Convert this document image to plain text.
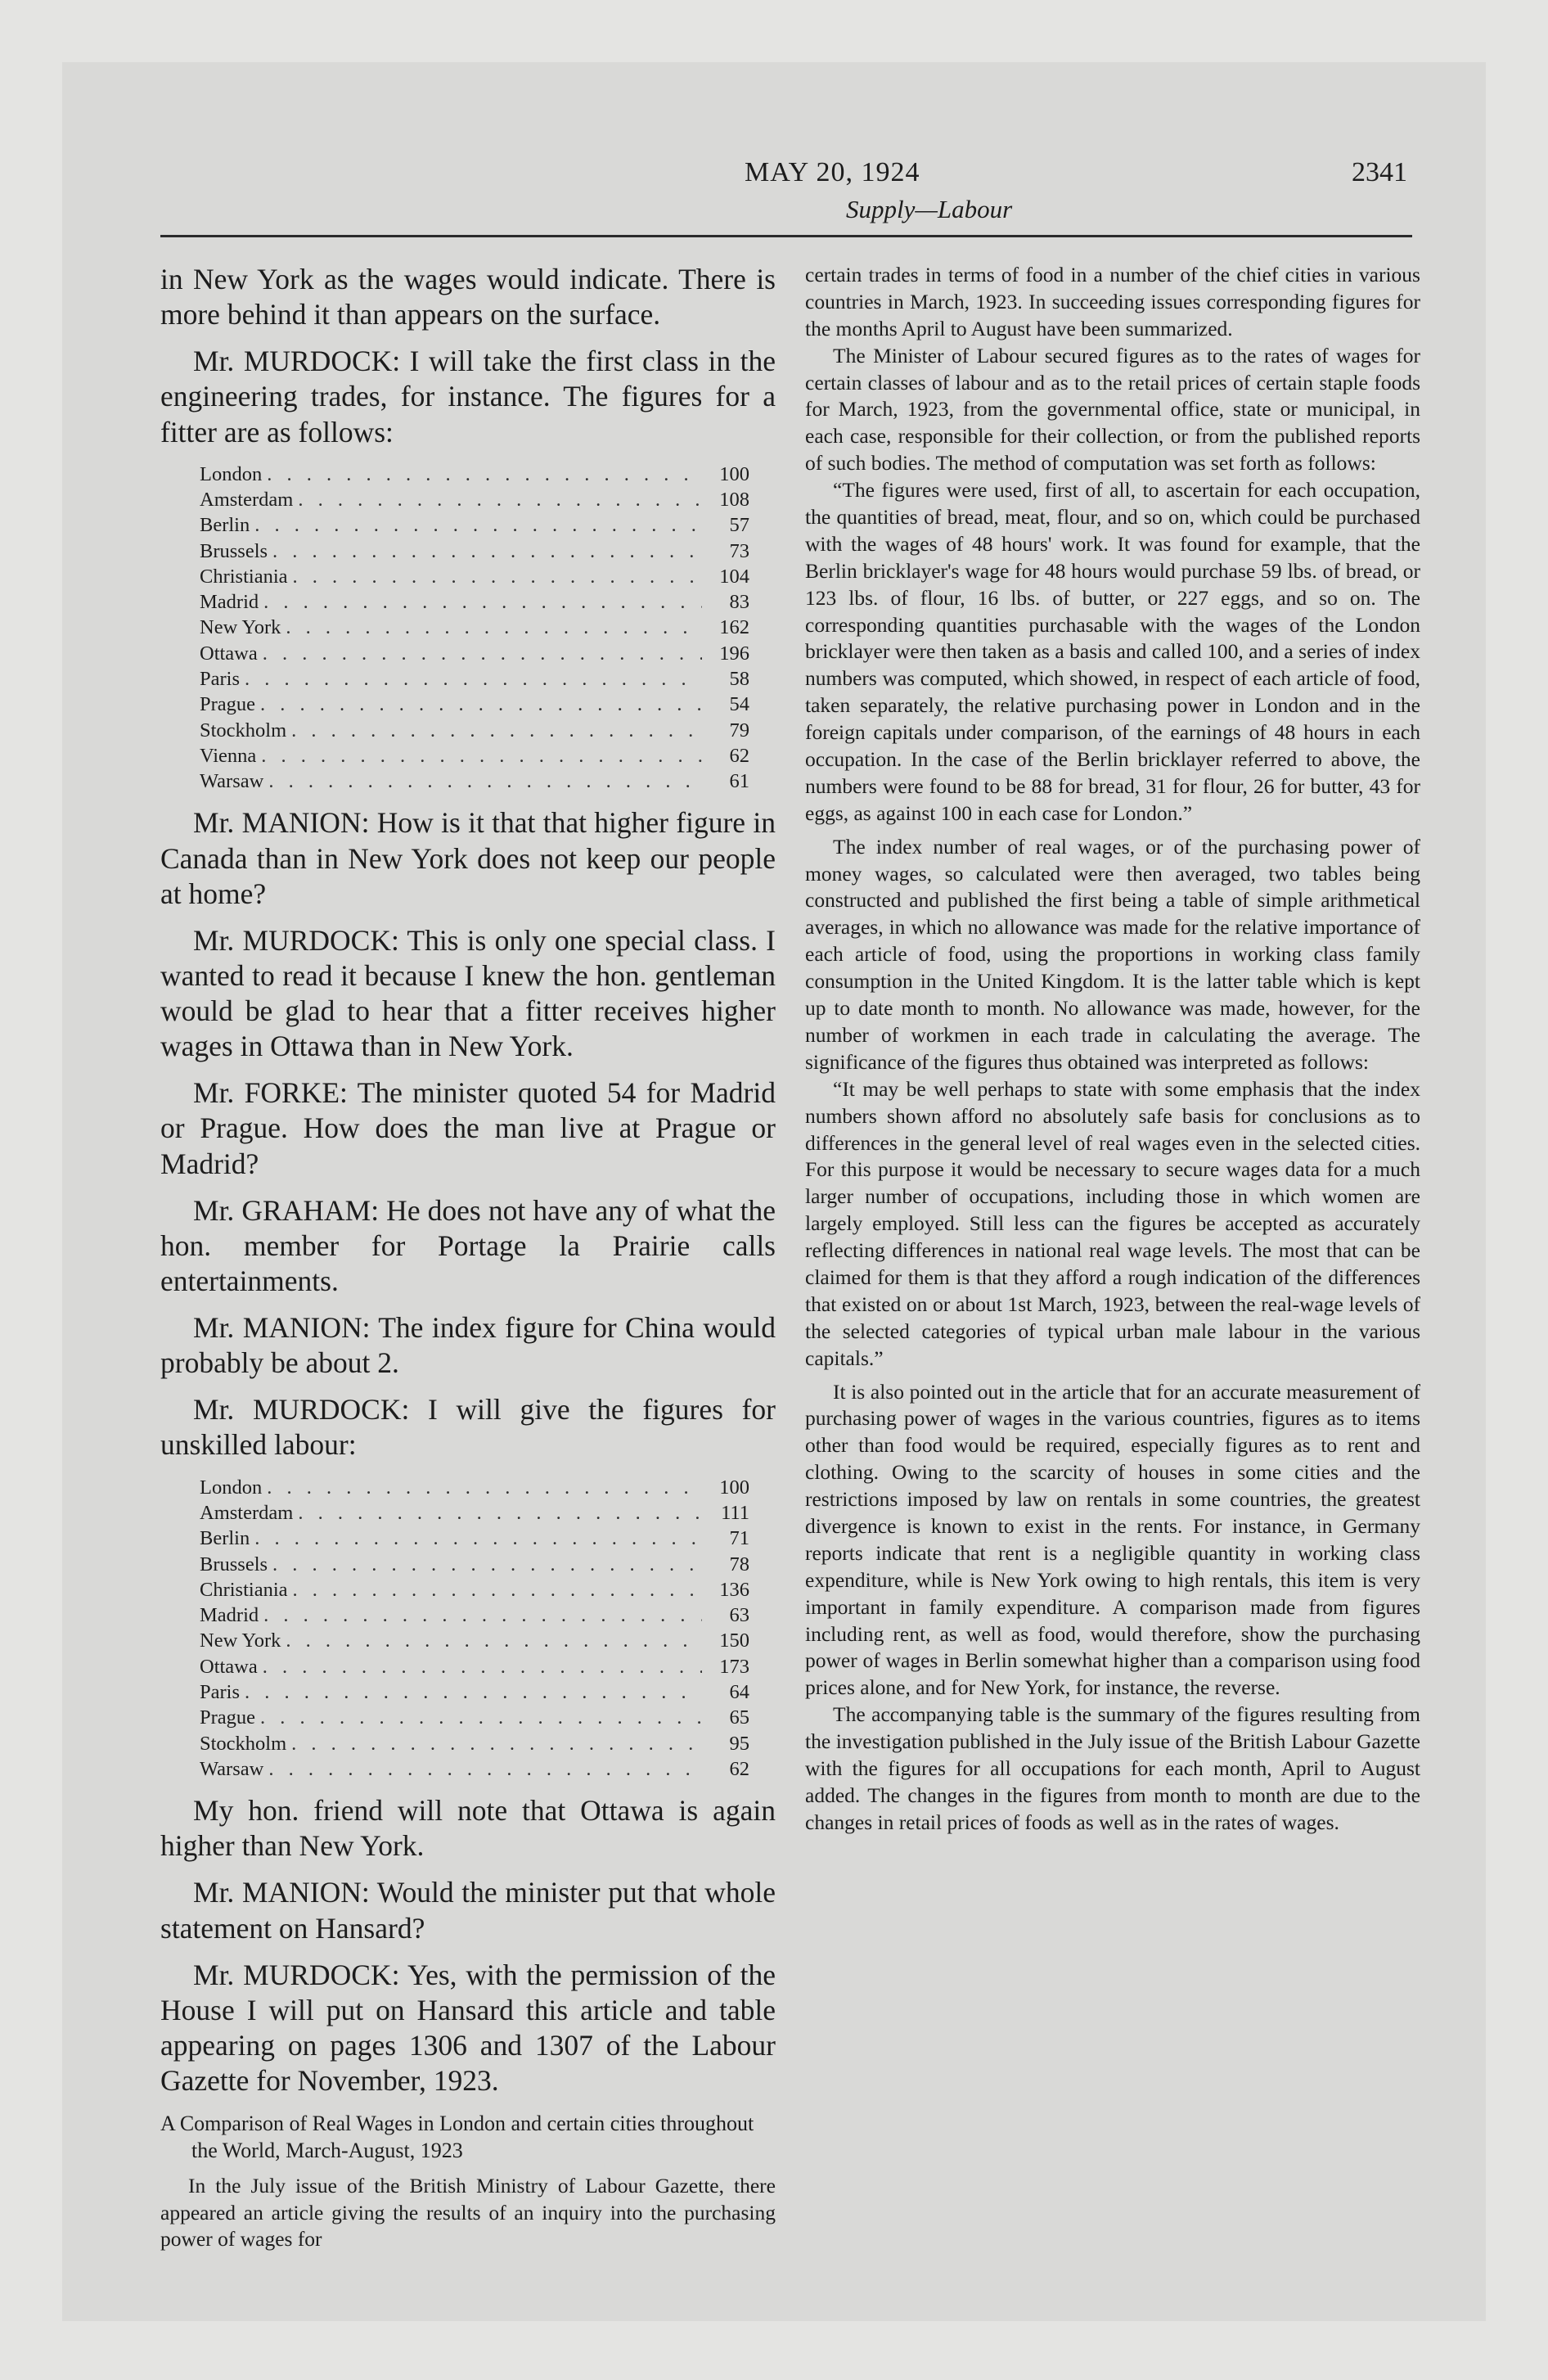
MAY 20, 1924
Supply—Labour
2341

in New York as the wages would indicate. There is more behind it than appears on the surface.

Mr. MURDOCK: I will take the first class in the engineering trades, for instance. The figures for a fitter are as follows:

London . . .	100
Amsterdam . . .	108
Berlin . . .	57
Brussels . . .	73
Christiania . . .	104
Madrid . . .	83
New York . . .	162
Ottawa . . .	196
Paris . . .	58
Prague . . .	54
Stockholm . . .	79
Vienna . . .	62
Warsaw . . .	61

Mr. MANION: How is it that that higher figure in Canada than in New York does not keep our people at home?

Mr. MURDOCK: This is only one special class. I wanted to read it because I knew the hon. gentleman would be glad to hear that a fitter receives higher wages in Ottawa than in New York.

Mr. FORKE: The minister quoted 54 for Madrid or Prague. How does the man live at Prague or Madrid?

Mr. GRAHAM: He does not have any of what the hon. member for Portage la Prairie calls entertainments.

Mr. MANION: The index figure for China would probably be about 2.

Mr. MURDOCK: I will give the figures for unskilled labour:

London . . .	100
Amsterdam . . .	111
Berlin . . .	71
Brussels . . .	78
Christiania . . .	136
Madrid . . .	63
New York . . .	150
Ottawa . . .	173
Paris . . .	64
Prague . . .	65
Stockholm . . .	95
Warsaw . . .	62

My hon. friend will note that Ottawa is again higher than New York.

Mr. MANION: Would the minister put that whole statement on Hansard?

Mr. MURDOCK: Yes, with the permission of the House I will put on Hansard this article and table appearing on pages 1306 and 1307 of the Labour Gazette for November, 1923.

A Comparison of Real Wages in London and certain cities throughout the World, March-August, 1923

In the July issue of the British Ministry of Labour Gazette, there appeared an article giving the results of an inquiry into the purchasing power of wages for

certain trades in terms of food in a number of the chief cities in various countries in March, 1923. In succeeding issues corresponding figures for the months April to August have been summarized.

The Minister of Labour secured figures as to the rates of wages for certain classes of labour and as to the retail prices of certain staple foods for March, 1923, from the governmental office, state or municipal, in each case, responsible for their collection, or from the published reports of such bodies. The method of computation was set forth as follows:

“The figures were used, first of all, to ascertain for each occupation, the quantities of bread, meat, flour, and so on, which could be purchased with the wages of 48 hours' work. It was found for example, that the Berlin bricklayer's wage for 48 hours would purchase 59 lbs. of bread, or 123 lbs. of flour, 16 lbs. of butter, or 227 eggs, and so on. The corresponding quantities purchasable with the wages of the London bricklayer were then taken as a basis and called 100, and a series of index numbers was computed, which showed, in respect of each article of food, taken separately, the relative purchasing power in London and in the foreign capitals under comparison, of the earnings of 48 hours in each occupation. In the case of the Berlin bricklayer referred to above, the numbers were found to be 88 for bread, 31 for flour, 26 for butter, 43 for eggs, as against 100 in each case for London.”

The index number of real wages, or of the purchasing power of money wages, so calculated were then averaged, two tables being constructed and published the first being a table of simple arithmetical averages, in which no allowance was made for the relative importance of each article of food, using the proportions in working class family consumption in the United Kingdom. It is the latter table which is kept up to date month to month. No allowance was made, however, for the number of workmen in each trade in calculating the average. The significance of the figures thus obtained was interpreted as follows:

“It may be well perhaps to state with some emphasis that the index numbers shown afford no absolutely safe basis for conclusions as to differences in the general level of real wages even in the selected cities. For this purpose it would be necessary to secure wages data for a much larger number of occupations, including those in which women are largely employed. Still less can the figures be accepted as accurately reflecting differences in national real wage levels. The most that can be claimed for them is that they afford a rough indication of the differences that existed on or about 1st March, 1923, between the real-wage levels of the selected categories of typical urban male labour in the various capitals.”

It is also pointed out in the article that for an accurate measurement of purchasing power of wages in the various countries, figures as to items other than food would be required, especially figures as to rent and clothing. Owing to the scarcity of houses in some cities and the restrictions imposed by law on rentals in some countries, the greatest divergence is known to exist in the rents. For instance, in Germany reports indicate that rent is a negligible quantity in working class expenditure, while is New York owing to high rentals, this item is very important in family expenditure. A comparison made from figures including rent, as well as food, would therefore, show the purchasing power of wages in Berlin somewhat higher than a comparison using food prices alone, and for New York, for instance, the reverse.

The accompanying table is the summary of the figures resulting from the investigation published in the July issue of the British Labour Gazette with the figures for all occupations for each month, April to August added. The changes in the figures from month to month are due to the changes in retail prices of foods as well as in the rates of wages.
